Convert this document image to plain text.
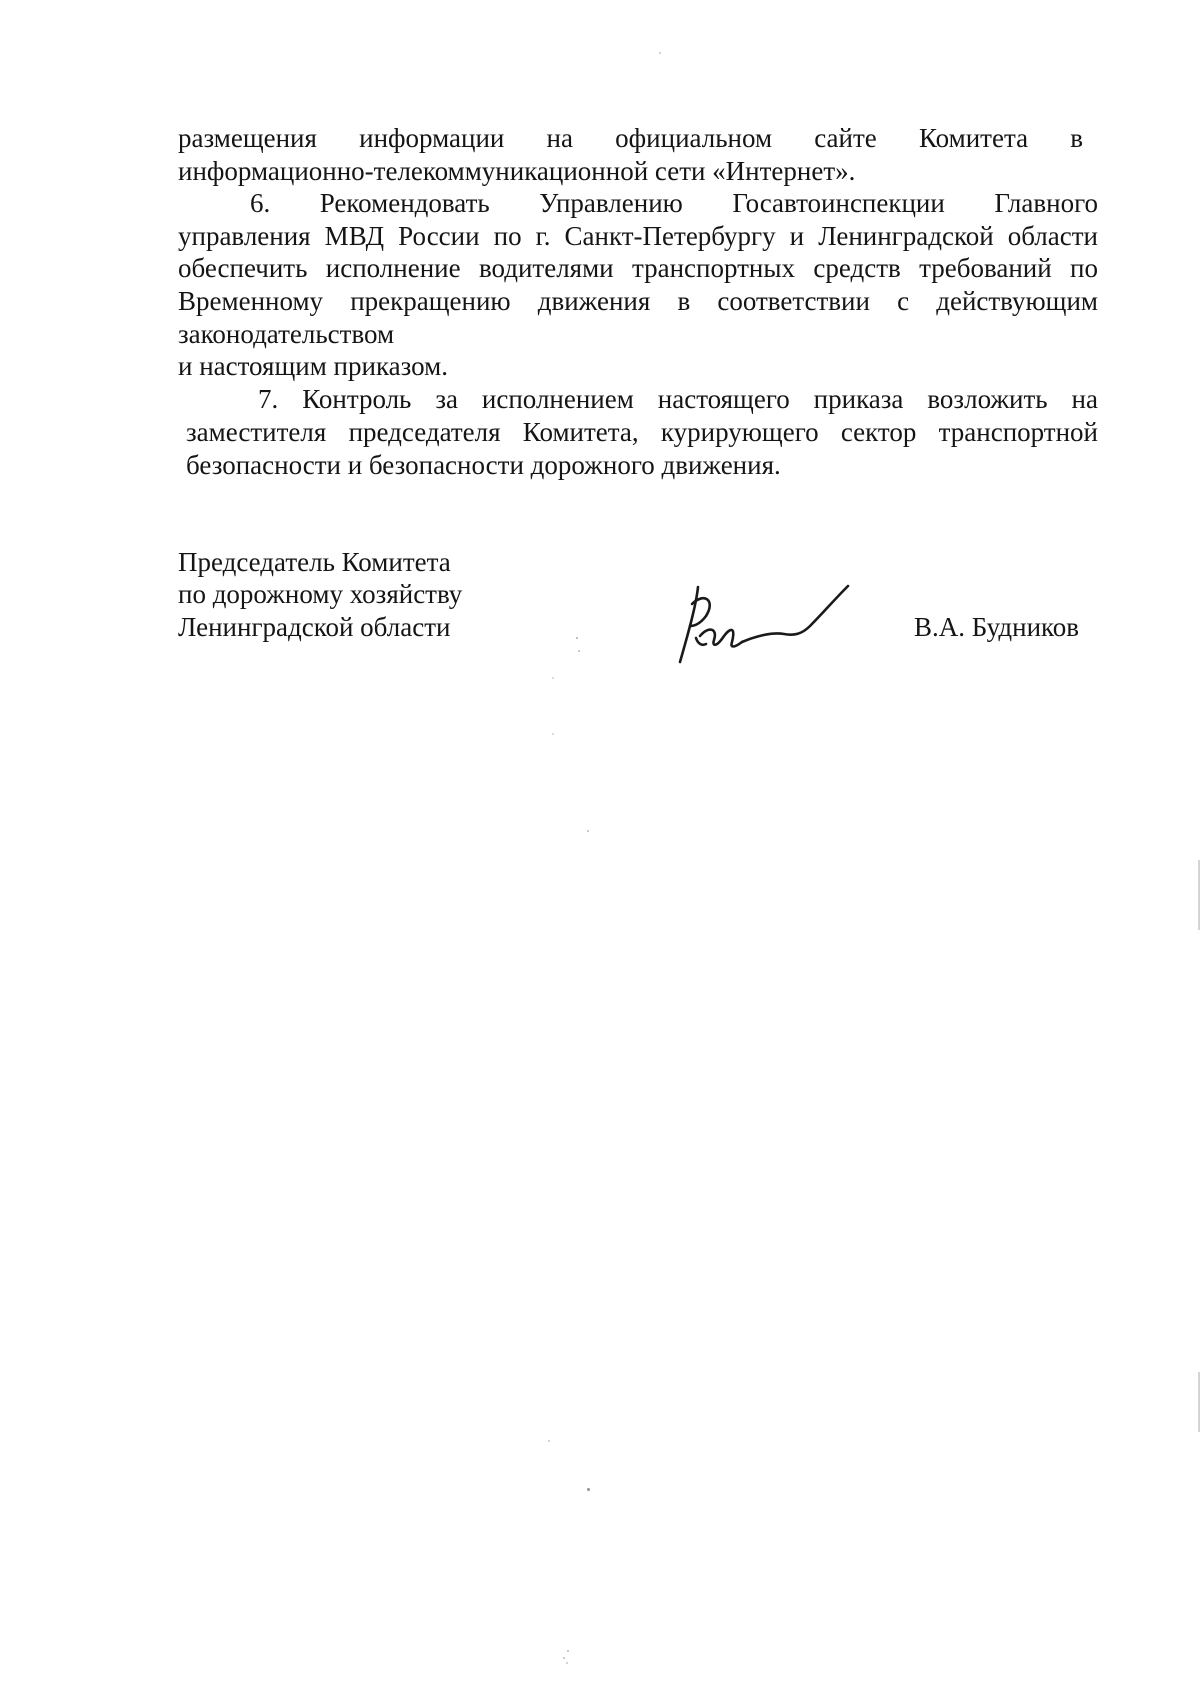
размещения информации на официальном сайте Комитета в
информационно-телекоммуникационной сети «Интернет».
6. Рекомендовать Управлению Госавтоинспекции Главного
управления МВД России по г. Санкт-Петербургу и Ленинградской области
обеспечить исполнение водителями транспортных средств требований по
Временному прекращению движения в соответствии с действующим
законодательством
и настоящим приказом.
7. Контроль за исполнением настоящего приказа возложить на
заместителя председателя Комитета, курирующего сектор транспортной
безопасности и безопасности дорожного движения.
Председатель Комитета
по дорожному хозяйству
Ленинградской области	В.А. Будников
